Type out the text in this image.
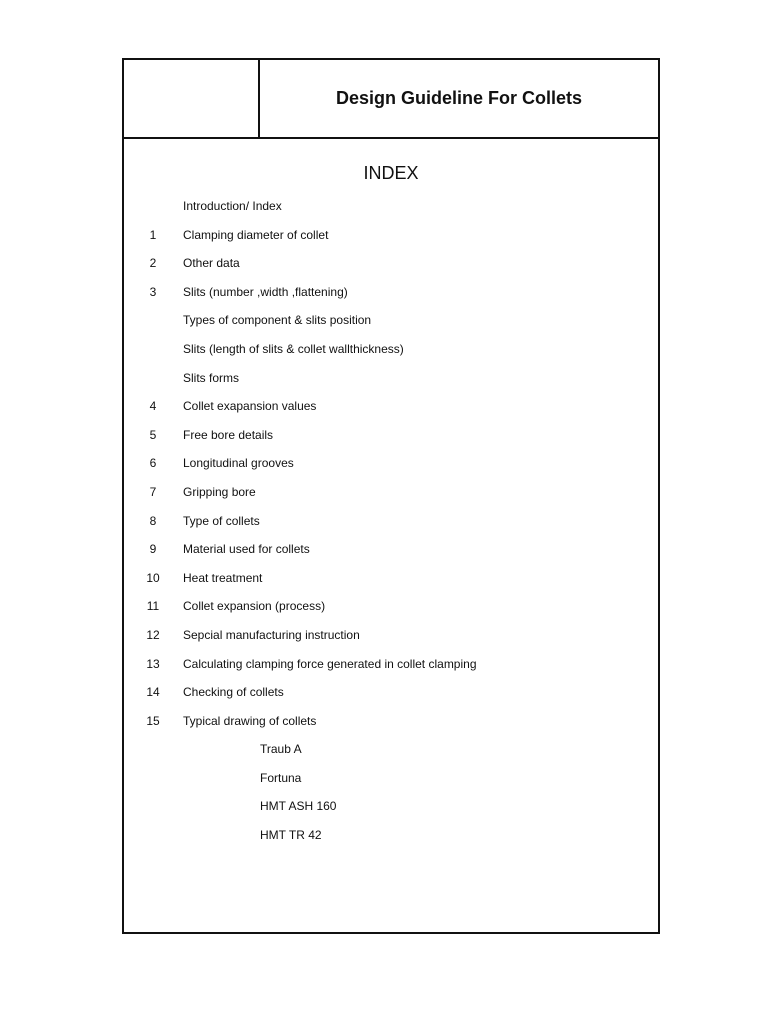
Design Guideline For Collets
INDEX
Introduction/ Index
1	Clamping diameter of collet
2	Other data
3	Slits (number ,width ,flattening)
Types of component & slits position
Slits (length of slits & collet wallthickness)
Slits forms
4	Collet exapansion values
5	Free bore details
6	Longitudinal grooves
7	Gripping bore
8	Type of collets
9	Material used for collets
10	Heat treatment
11	Collet expansion (process)
12	Sepcial manufacturing instruction
13	Calculating clamping force generated in collet clamping
14	Checking of collets
15	Typical drawing of collets
Traub A
Fortuna
HMT ASH 160
HMT TR 42
